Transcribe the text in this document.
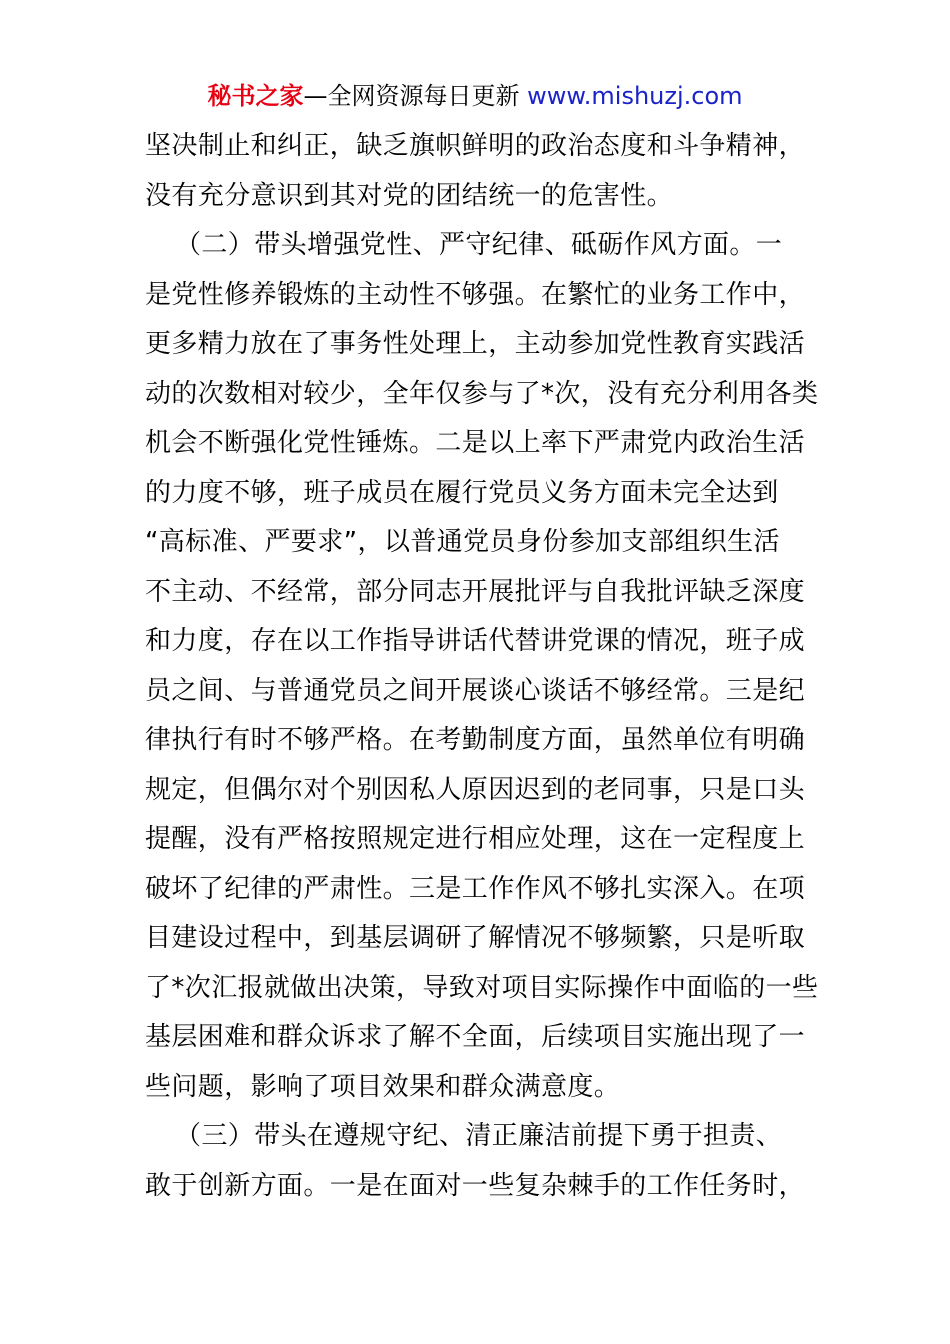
秘书之家—全网资源每日更新 www.mishuzj.com
坚决制止和纠正，缺乏旗帜鲜明的政治态度和斗争精神，
没有充分意识到其对党的团结统一的危害性。
（二）带头增强党性、严守纪律、砥砺作风方面。一
是党性修养锻炼的主动性不够强。在繁忙的业务工作中，
更多精力放在了事务性处理上，主动参加党性教育实践活
动的次数相对较少，全年仅参与了*次，没有充分利用各类
机会不断强化党性锤炼。二是以上率下严肃党内政治生活
的力度不够，班子成员在履行党员义务方面未完全达到
“高标准、严要求”，以普通党员身份参加支部组织生活
不主动、不经常，部分同志开展批评与自我批评缺乏深度
和力度，存在以工作指导讲话代替讲党课的情况，班子成
员之间、与普通党员之间开展谈心谈话不够经常。三是纪
律执行有时不够严格。在考勤制度方面，虽然单位有明确
规定，但偶尔对个别因私人原因迟到的老同事，只是口头
提醒，没有严格按照规定进行相应处理，这在一定程度上
破坏了纪律的严肃性。三是工作作风不够扎实深入。在项
目建设过程中，到基层调研了解情况不够频繁，只是听取
了*次汇报就做出决策，导致对项目实际操作中面临的一些
基层困难和群众诉求了解不全面，后续项目实施出现了一
些问题，影响了项目效果和群众满意度。
（三）带头在遵规守纪、清正廉洁前提下勇于担责、
敢于创新方面。一是在面对一些复杂棘手的工作任务时，
